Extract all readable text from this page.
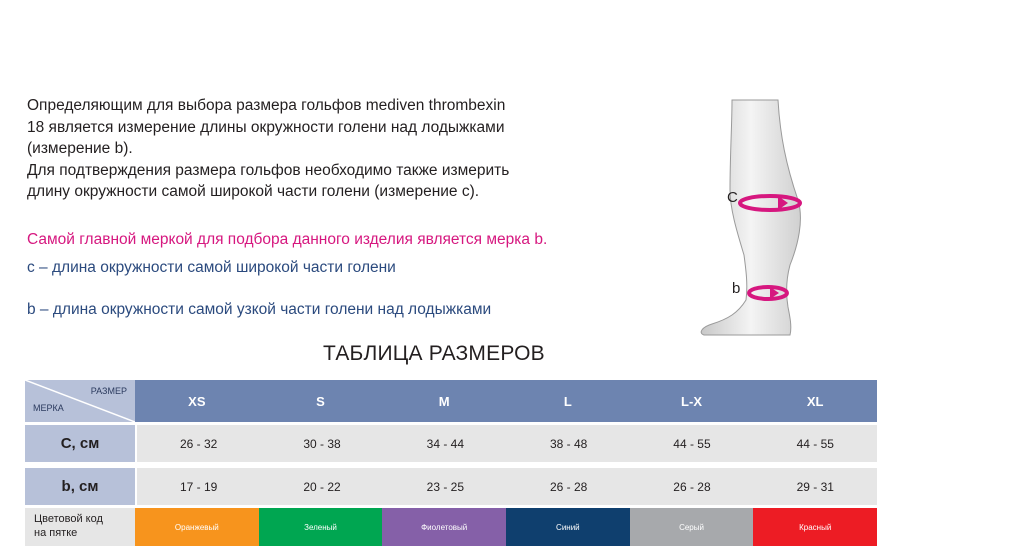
Определяющим для выбора размера гольфов mediven thrombexin

18 является измерение длины окружности голени над лодыжками

(измерение b).

Для подтверждения размера гольфов необходимо также измерить

длину окружности самой широкой части голени (измерение c).

Самой главной меркой для подбора данного изделия является мерка b.
c – длина окружности самой широкой части голени
b – длина окружности самой узкой части голени над лодыжками
C
b
ТАБЛИЦА РАЗМЕРОВ
РАЗМЕР
МЕРКА	XS	S	M	L	L-X	XL
C, см	26 - 32	30 - 38	34 - 44	38 - 48	44 - 55	44 - 55
b, см	17 - 19	20 - 22	23 - 25	26 - 28	26 - 28	29 - 31
Цветовой код
на пятке	Оранжевый	Зеленый	Фиолетовый	Синий	Серый	Красный
